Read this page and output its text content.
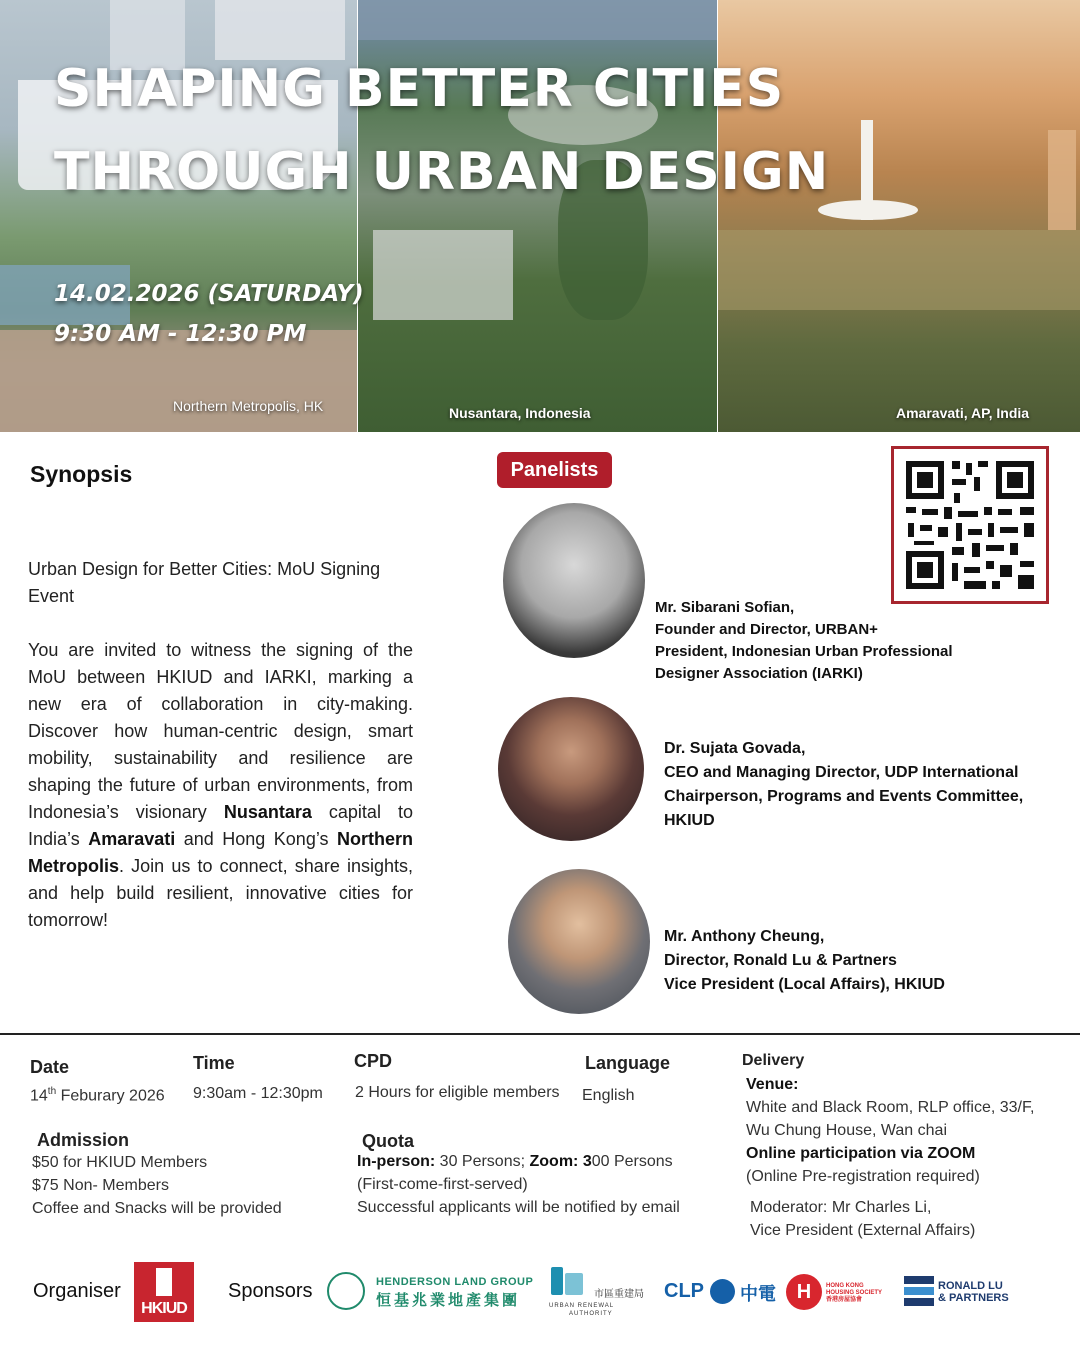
SHAPING BETTER CITIES
THROUGH URBAN DESIGN
14.02.2026 (SATURDAY)
9:30 AM - 12:30 PM
Northern Metropolis, HK	Nusantara, Indonesia	Amaravati, AP, India
Synopsis
Urban Design for Better Cities: MoU Signing Event

You are invited to witness the signing of the MoU between HKIUD and IARKI, marking a new era of collaboration in city-making. Discover how human-centric design, smart mobility, sustainability and resilience are shaping the future of urban environments, from Indonesia’s visionary Nusantara capital to India’s Amaravati and Hong Kong’s Northern Metropolis. Join us to connect, share insights, and help build resilient, innovative cities for tomorrow!

Panelists
Mr. Sibarani Sofian,
Founder and Director, URBAN+
President, Indonesian Urban Professional
Designer Association (IARKI)
Dr. Sujata Govada,
CEO and Managing Director, UDP International
Chairperson, Programs and Events Committee,
HKIUD
Mr. Anthony Cheung,
Director, Ronald Lu & Partners
Vice President (Local Affairs), HKIUD
Date
14th Feburary 2026
Time
9:30am - 12:30pm
CPD
2 Hours for eligible members
Language
English
Delivery
Venue:
White and Black Room, RLP office, 33/F,
Wu Chung House, Wan chai
Online participation via ZOOM
(Online Pre-registration required)
Moderator: Mr Charles Li,
Vice President (External Affairs)
Admission
$50 for HKIUD Members
$75 Non- Members
Coffee and Snacks will be provided
Quota
In-person: 30 Persons; Zoom: 300 Persons
(First-come-first-served)
Successful applicants will be notified by email
Organiser
HKIUD
Sponsors	HENDERSON LAND GROUP
恒基兆業地產集團	市區重建局
URBAN RENEWAL
AUTHORITY
CLP 中電	H	HONG KONG
HOUSING SOCIETY
香港房屋協會
RONALD LU
& PARTNERS
